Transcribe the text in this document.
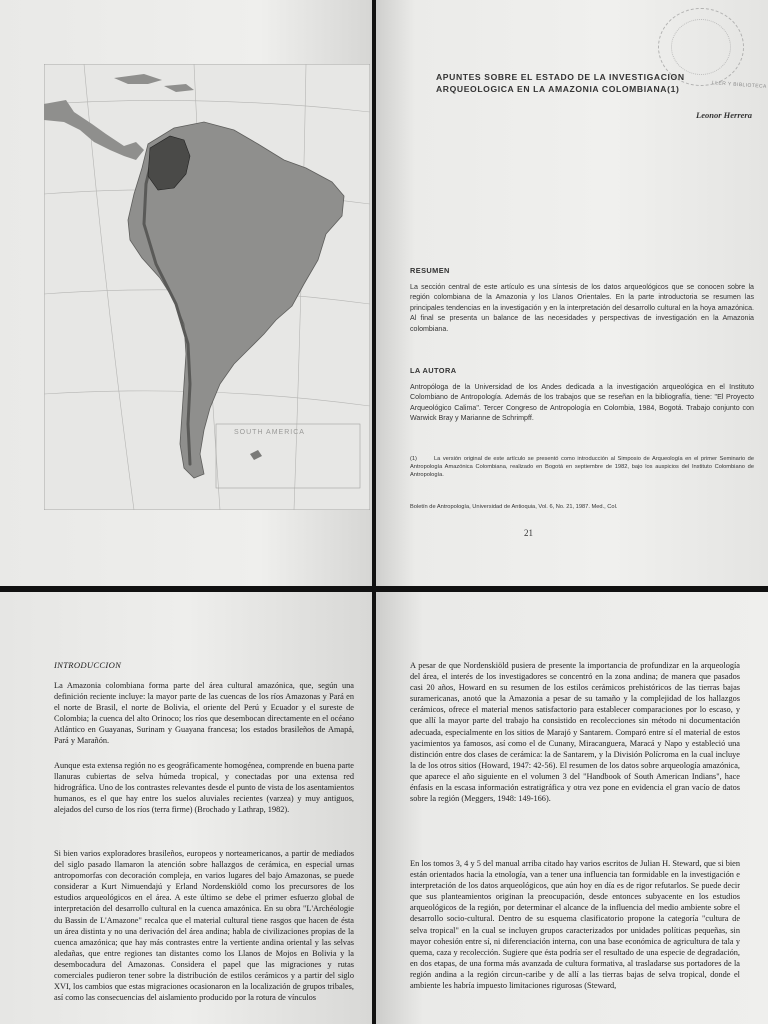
SOUTH AMERICA
LLER Y BIBLIOTECA
APUNTES SOBRE EL ESTADO DE LA INVESTIGACION
ARQUEOLOGICA EN LA AMAZONIA COLOMBIANA(1)
Leonor Herrera
RESUMEN
La sección central de este artículo es una síntesis de los datos arqueológicos que se conocen sobre la región colombiana de la Amazonia y los Llanos Orientales. En la parte introductoria se resumen las principales tendencias en la investigación y en la interpretación del desarrollo cultural en la hoya amazónica. Al final se presenta un balance de las necesidades y perspectivas de investigación en la Amazonia colombiana.
LA AUTORA
Antropóloga de la Universidad de los Andes dedicada a la investigación arqueológica en el Instituto Colombiano de Antropología. Además de los trabajos que se reseñan en la bibliografía, tiene: "El Proyecto Arqueológico Calima". Tercer Congreso de Antropología en Colombia, 1984, Bogotá. Trabajo conjunto con Warwick Bray y Marianne de Schrimpff.
(1)	La versión original de este artículo se presentó como introducción al Simposio de Arqueología en el primer Seminario de Antropología Amazónica Colombiana, realizado en Bogotá en septiembre de 1982, bajo los auspicios del Instituto Colombiano de Antropología.
Boletín de Antropología, Universidad de Antioquia, Vol. 6, No. 21, 1987. Med., Col.
21
INTRODUCCION
La Amazonia colombiana forma parte del área cultural amazónica, que, según una definición reciente incluye: la mayor parte de las cuencas de los ríos Amazonas y Pará en el norte de Brasil, el norte de Bolivia, el oriente del Perú y Ecuador y el sureste de Colombia; la cuenca del alto Orinoco; los ríos que desembocan directamente en el océano Atlántico en Guayanas, Surinam y Guayana francesa; los estados brasileños de Amapá, Pará y Marañón.
Aunque esta extensa región no es geográficamente homogénea, comprende en buena parte llanuras cubiertas de selva húmeda tropical, y conectadas por una extensa red hidrográfica. Uno de los contrastes relevantes desde el punto de vista de los asentamientos humanos, es el que hay entre los suelos aluviales recientes (varzea) y muy antiguos, alejados del curso de los ríos (terra firme) (Brochado y Lathrap, 1982).
Si bien varios exploradores brasileños, europeos y norteamericanos, a partir de mediados del siglo pasado llamaron la atención sobre hallazgos de cerámica, en especial urnas antropomorfas con decoración compleja, en varios lugares del bajo Amazonas, se puede considerar a Kurt Nimuendajú y Erland Nordenskiöld como los precursores de los estudios arqueológicos en el área. A este último se debe el primer esfuerzo global de interpretación del desarrollo cultural en la cuenca amazónica. En su obra "L'Archéologie du Bassin de L'Amazone" recalca que el material cultural tiene rasgos que hacen de ésta un área distinta y no una derivación del área andina; habla de civilizaciones propias de la cuenca amazónica; que hay más contrastes entre la vertiente andina oriental y las selvas aledañas, que entre regiones tan distantes como los Llanos de Mojos en Bolivia y la desembocadura del Amazonas. Considera el papel que las migraciones y rutas comerciales pudieron tener sobre la distribución de estilos cerámicos y a partir del siglo XVI, los cambios que estas migraciones ocasionaron en la localización de grupos tribales, así como las consecuencias del aislamiento producido por la rotura de vínculos
A pesar de que Nordenskiöld pusiera de presente la importancia de profundizar en la arqueología del área, el interés de los investigadores se concentró en la zona andina; de manera que pasados casi 20 años, Howard en su resumen de los estilos cerámicos prehistóricos de las tierras bajas suramericanas, anotó que la Amazonia a pesar de su tamaño y la complejidad de los hallazgos cerámicos, ofrece el material menos satisfactorio para establecer comparaciones por lo escaso, y que allí la mayor parte del trabajo ha consistido en recolecciones sin método ni documentación adecuada, especialmente en los sitios de Marajó y Santarem. Comparó entre sí el material de estos yacimientos ya famosos, así como el de Cunany, Miracanguera, Maracá y Napo y estableció una distinción entre dos clases de cerámica: la de Santarem, y la División Polícroma en la cual incluye la de los otros sitios (Howard, 1947: 42-56). El resumen de los datos sobre arqueología amazónica, que aparece el año siguiente en el volumen 3 del "Handbook of South American Indians", hace énfasis en la escasa información estratigráfica y otra vez pone en evidencia el gran vacío de datos sobre la región (Meggers, 1948: 149-166).
En los tomos 3, 4 y 5 del manual arriba citado hay varios escritos de Julian H. Steward, que si bien están orientados hacia la etnología, van a tener una influencia tan formidable en la investigación e interpretación de los datos arqueológicos, que aún hoy en día es de rigor refutarlos. Se puede decir que sus planteamientos originan la preocupación, desde entonces subyacente en los estudios arqueológicos de la región, por determinar el alcance de la influencia del medio ambiente sobre el desarrollo socio-cultural. Dentro de su esquema clasificatorio propone la categoría "cultura de selva tropical" en la cual se incluyen grupos caracterizados por unidades políticas pequeñas, sin mayor cohesión entre sí, ni diferenciación interna, con una base económica de agricultura de tala y quema, caza y recolección. Sugiere que ésta podría ser el resultado de una especie de degradación, en dos etapas, de una forma más avanzada de cultura formativa, al trasladarse sus portadores de la región andina a la región circun-caribe y de allí a las tierras bajas de selva tropical, donde el ambiente les habría impuesto limitaciones rigurosas (Steward,
